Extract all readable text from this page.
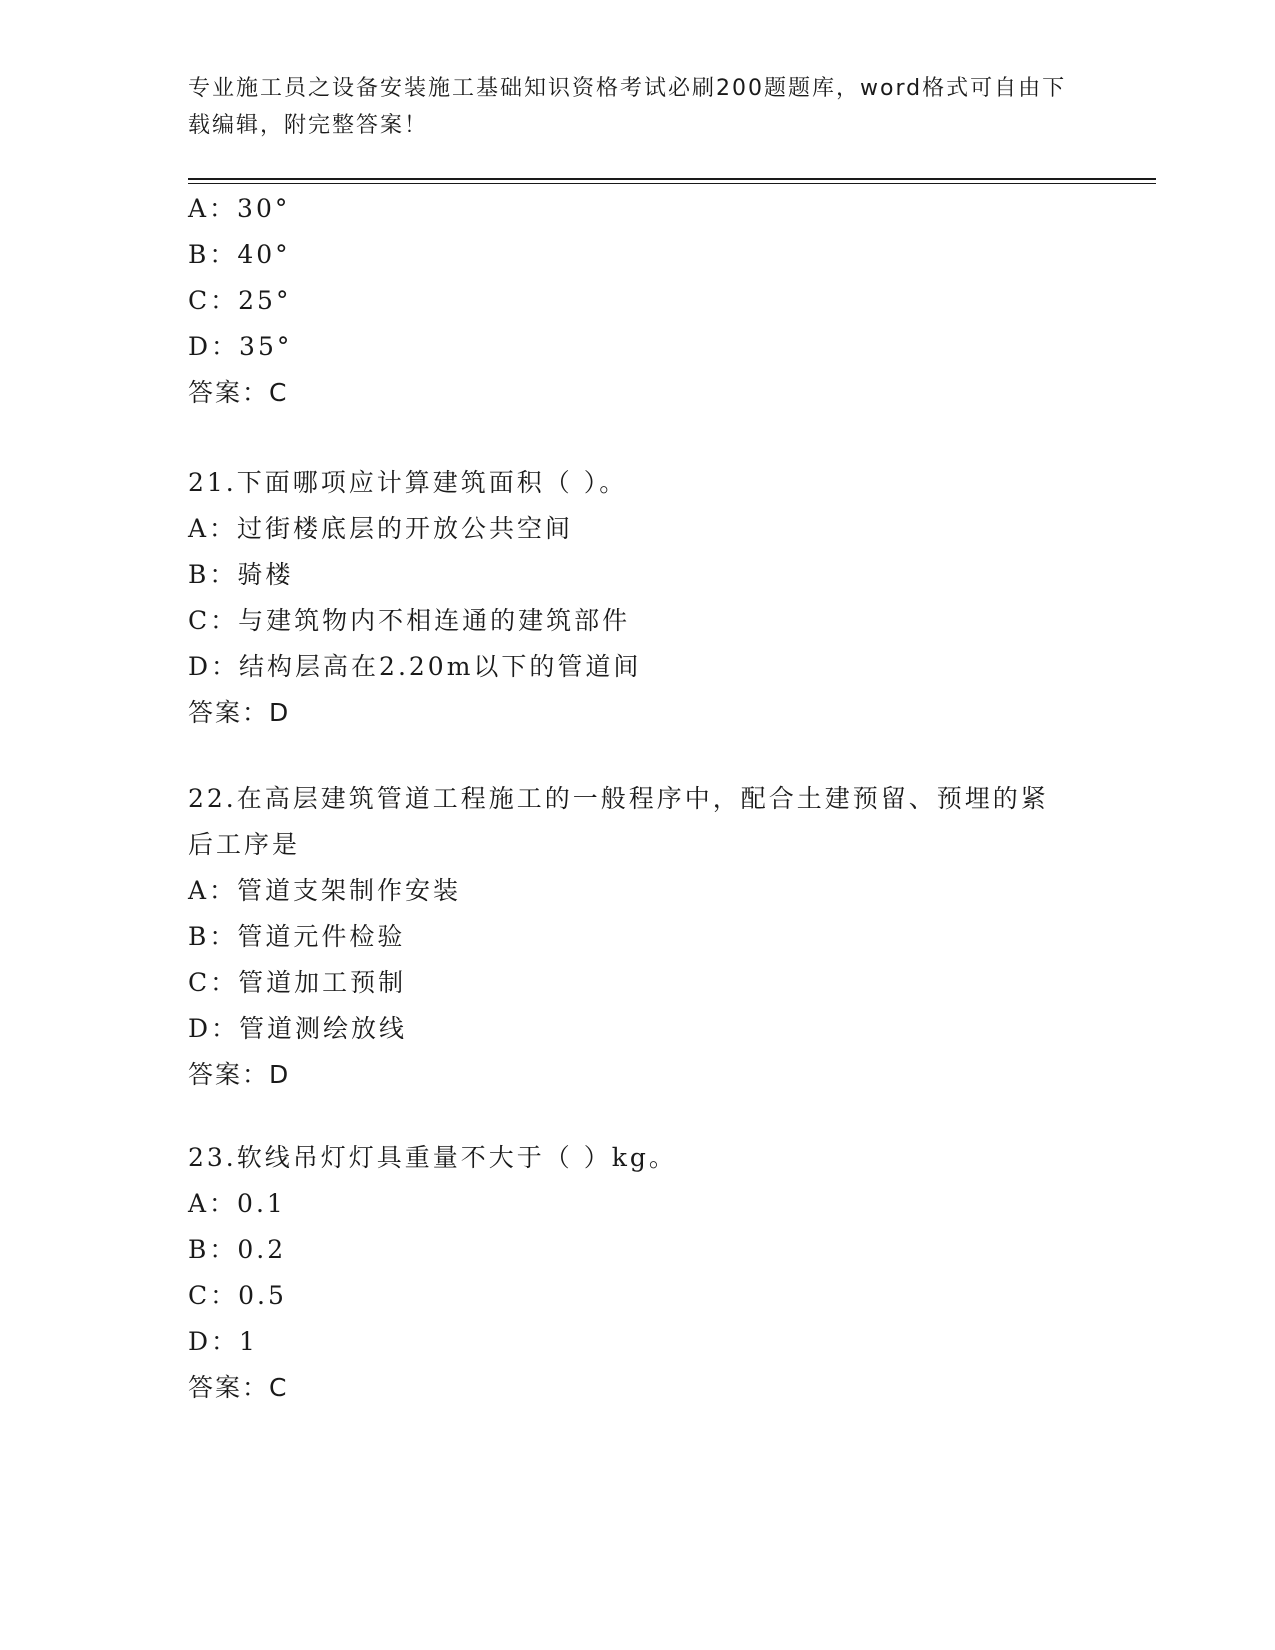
专业施工员之设备安装施工基础知识资格考试必刷200题题库，word格式可自由下载编辑，附完整答案！
A：30°
B：40°
C：25°
D：35°
答案：C
21.下面哪项应计算建筑面积（ ）。
A：过街楼底层的开放公共空间
B：骑楼
C：与建筑物内不相连通的建筑部件
D：结构层高在2.20m以下的管道间
答案：D
22.在高层建筑管道工程施工的一般程序中，配合土建预留、预埋的紧后工序是
A：管道支架制作安装
B：管道元件检验
C：管道加工预制
D：管道测绘放线
答案：D
23.软线吊灯灯具重量不大于（ ）kg。
A：0.1
B：0.2
C：0.5
D：1
答案：C
